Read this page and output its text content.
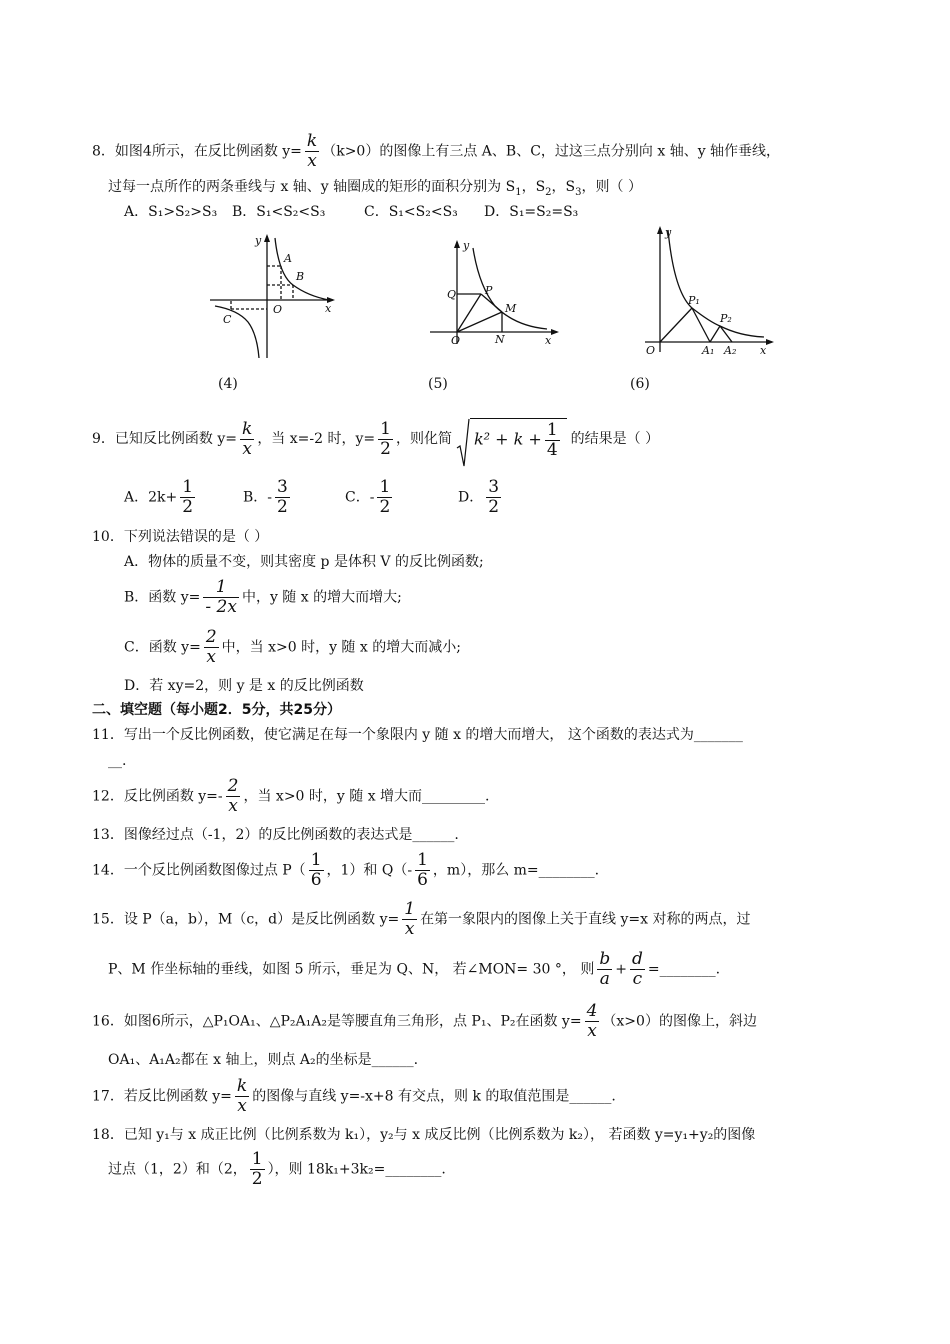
8．如图4所示，在反比例函数 $y= \frac{k}{x} (k>0)$的图像上有三点 A、B、C，过这三点分别向 x 轴、y 轴作垂线，
过每一点所作的两条垂线与 x 轴、y 轴圈成的矩形的面积分别为 $S_1$，$S_2$，$S_3$，则（ ）
A．S₁>S₂>S₃ B．S₁<S₂<S₃	C．S₁<S₂<S₃ D．S₁=S₂=S₃
y
x
O
A
B
C
(4)
y
x
O
Q	P
M
N
(5)
y
x
O
P₁
P₂
A₁ A₂
(6)
9．已知反比例函数 $y= \frac{k}{x}$ ，当 x=-2 时，$y= \frac{1}{2}$ ，则化简 $k^2 + k + \frac{1}{4}$ 的结果是（ ）
A．$2k+ \frac{1}{2}$	B．- $\frac{3}{2}$	C．- $\frac{1}{2}$	D． $\frac{3}{2}$
10．下列说法错误的是（ ）
A．物体的质量不变，则其密度 p 是体积 V 的反比例函数;
B．函数 $y= \frac{1}{- 2x}$ 中，y 随 x 的增大而增大;
C．函数 $y= \frac{2}{x}$ 中，当 x>0 时，y 随 x 的增大而减小;
D．若 xy=2，则 y 是 x 的反比例函数
二、填空题（每小题2．5分，共25分）
11．写出一个反比例函数，使它满足在每一个象限内 y 随 x 的增大而增大， 这个函数的表达式为_______
__.
12．反比例函数 $y=- \frac{2}{x}$ ，当 x>0 时，y 随 x 增大而_________.
13．图像经过点（-1，2）的反比例函数的表达式是______.
14．一个反比例函数图像过点 $P( \frac{1}{6}$ ，1）和 $Q(- \frac{1}{6}$ ，m），那么 m=________.
15．设 P（a，b），M（c，d）是反比例函数 $y= \frac{1}{x}$ 在第一象限内的图像上关于直线 y=x 对称的两点，过
P、M 作坐标轴的垂线，如图 5 所示，垂足为 Q、N， 若∠MON= 30 °， 则 $\frac{b}{a} + \frac{d}{c}$ =________.
16．如图6所示，△P₁OA₁、△P₂A₁A₂是等腰直角三角形，点 P₁、P₂在函数 $y= \frac{4}{x} (x>0)$的图像上，斜边
OA₁、A₁A₂都在 x 轴上，则点 A₂的坐标是______.
17．若反比例函数 $y= \frac{k}{x}$ 的图像与直线 y=-x+8 有交点，则 k 的取值范围是______.
18．已知 y₁与 x 成正比例（比例系数为 k₁），y₂与 x 成反比例（比例系数为 k₂）， 若函数 y=y₁+y₂的图像
过点（1，2）和（2， $\frac{1}{2}$ ），则 18k₁+3k₂=________.
